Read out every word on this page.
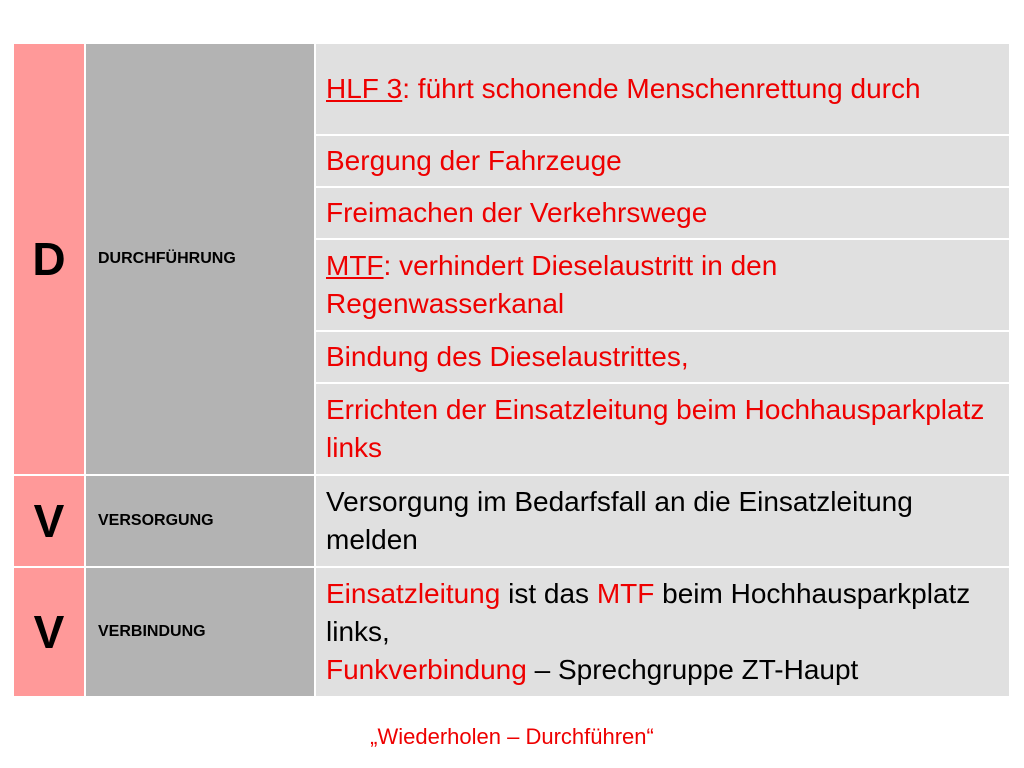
D	DURCHFÜHRUNG	HLF 3: führt schonende Menschenrettung durch
		Bergung der Fahrzeuge
		Freimachen der Verkehrswege
		MTF: verhindert Dieselaustritt in den Regenwasserkanal
		Bindung des Dieselaustrittes,
		Errichten der Einsatzleitung beim Hochhausparkplatz links
V	VERSORGUNG	Versorgung im Bedarfsfall an die Einsatzleitung melden
V	VERBINDUNG	Einsatzleitung ist das MTF beim Hochhausparkplatz links,
Funkverbindung – Sprechgruppe ZT-Haupt
„Wiederholen – Durchführen“
